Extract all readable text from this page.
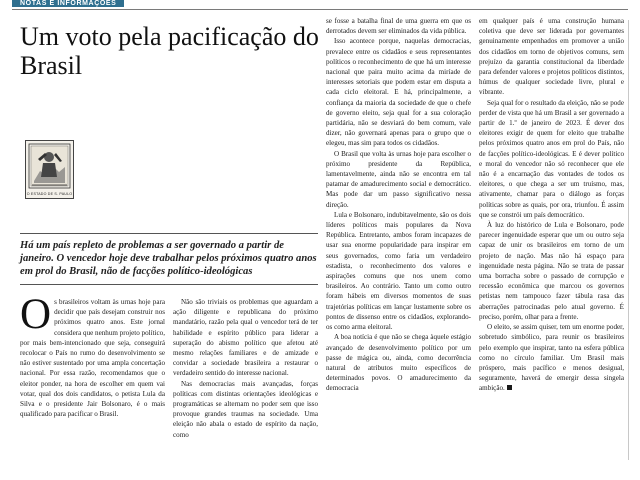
NOTAS E INFORMAÇÕES
Um voto pela pacificação do Brasil
O ESTADO DE S. PAULO

Há um país repleto de problemas a ser governado a partir de janeiro. O vencedor hoje deve trabalhar pelos próximos quatro anos em prol do Brasil, não de facções político-ideológicas

Os brasileiros voltam às urnas hoje para decidir que país desejam construir nos próximos quatro anos. Este jornal considera que nenhum projeto político, por mais bem-intencionado que seja, conseguirá recolocar o País no rumo do desenvolvimento se não estiver sustentado por uma ampla concertação nacional. Por essa razão, recomendamos que o eleitor ponder, na hora de escolher em quem vai votar, qual dos dois candidatos, o petista Lula da Silva e o presidente Jair Bolsonaro, é o mais qualificado para pacificar o Brasil.

Não são triviais os problemas que aguardam a ação diligente e republicana do próximo mandatário, razão pela qual o vencedor terá de ter habilidade e espírito público para liderar a superação do abismo político que afetou até mesmo relações familiares e de amizade e convidar a sociedade brasileira a restaurar o verdadeiro sentido do interesse nacional.

Nas democracias mais avançadas, forças políticas com distintas orientações ideológicas e programáticas se alternam no poder sem que isso provoque grandes traumas na sociedade. Uma eleição não abala o estado de espírito da nação, como

se fosse a batalha final de uma guerra em que os derrotados devem ser eliminados da vida pública.

Isso acontece porque, naquelas democracias, prevalece entre os cidadãos e seus representantes políticos o reconhecimento de que há um interesse nacional que paira muito acima da miríade de interesses setoriais que podem estar em disputa a cada ciclo eleitoral. E há, principalmente, a confiança da maioria da sociedade de que o chefe de governo eleito, seja qual for a sua coloração partidária, não se desviará do bem comum, vale dizer, não governará apenas para o grupo que o elegeu, mas sim para todos os cidadãos.

O Brasil que volta às urnas hoje para escolher o próximo presidente da República, lamentavelmente, ainda não se encontra em tal patamar de amadurecimento social e democrático. Mas pode dar um passo significativo nessa direção.

Lula e Bolsonaro, indubitavelmente, são os dois líderes políticos mais populares da Nova República. Entretanto, ambos foram incapazes de usar sua enorme popularidade para inspirar em seus governados, como faria um verdadeiro estadista, o reconhecimento dos valores e aspirações comuns que nos unem como brasileiros. Ao contrário. Tanto um como outro foram hábeis em diversos momentos de suas trajetórias políticas em lançar lustamente sobre os pontos de dissenso entre os cidadãos, explorando-os como arma eleitoral.

A boa notícia é que não se chega àquele estágio avançado de desenvolvimento político por um passe de mágica ou, ainda, como decorrência natural de atributos muito específicos de determinados povos. O amadurecimento da democracia

em qualquer país é uma construção humana coletiva que deve ser liderada por governantes genuinamente empenhados em promover a união dos cidadãos em torno de objetivos comuns, sem prejuízo da garantia constitucional da liberdade para defender valores e projetos políticos distintos, húmus de qualquer sociedade livre, plural e vibrante.

Seja qual for o resultado da eleição, não se pode perder de vista que há um Brasil a ser governado a partir de 1.º de janeiro de 2023. É dever dos eleitores exigir de quem for eleito que trabalhe pelos próximos quatro anos em prol do País, não de facções político-ideológicas. E é dever político e moral do vencedor não só reconhecer que ele não é a encarnação das vontades de todos os eleitores, o que chega a ser um truísmo, mas, ativamente, chamar para o diálogo as forças políticas sobre as quais, por ora, triunfou. É assim que se constrói um país democrático.

À luz do histórico de Lula e Bolsonaro, pode parecer ingenuidade esperar que um ou outro seja capaz de unir os brasileiros em torno de um projeto de nação. Mas não há espaço para ingenuidade nesta página. Não se trata de passar uma borracha sobre o passado de corrupção e recessão econômica que marcou os governos petistas nem tampouco fazer tábula rasa das aberrações patrocinadas pelo atual governo. É preciso, porém, olhar para a frente.

O eleito, se assim quiser, tem um enorme poder, sobretudo simbólico, para reunir os brasileiros pelo exemplo que inspirar, tanto na esfera pública como no círculo familiar. Um Brasil mais próspero, mais pacífico e menos desigual, seguramente, haverá de emergir dessa singela ambição.
